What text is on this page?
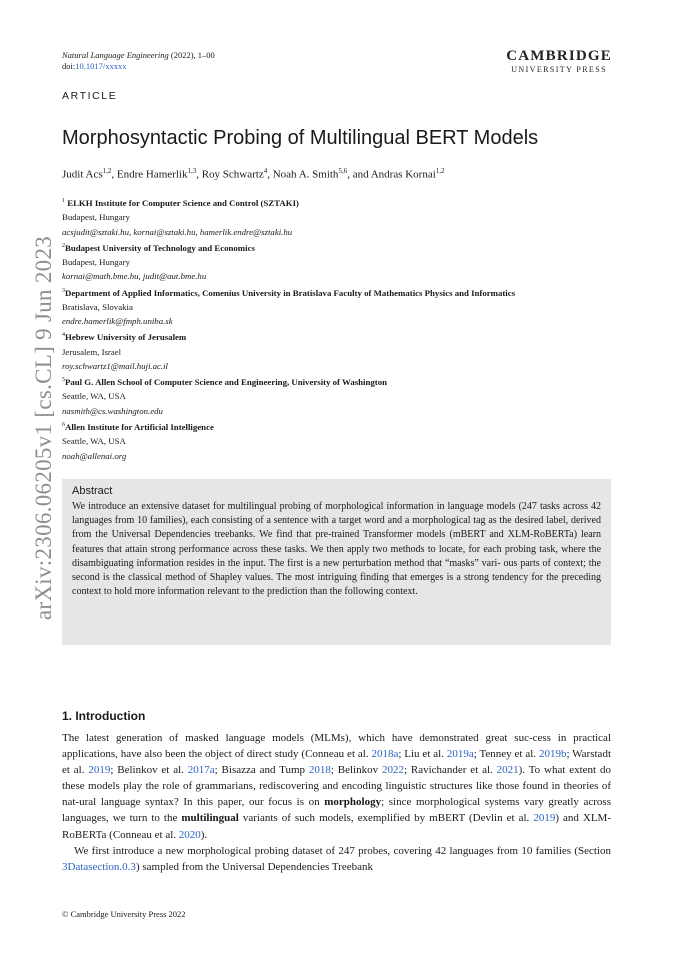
arXiv:2306.06205v1 [cs.CL] 9 Jun 2023
Natural Language Engineering (2022), 1–00
doi:10.1017/xxxxx
CAMBRIDGE
UNIVERSITY PRESS
ARTICLE
Morphosyntactic Probing of Multilingual BERT Models
Judit Acs$^{1,2}$, Endre Hamerlik$^{1,3}$, Roy Schwartz$^4$, Noah A. Smith$^{5,6}$, and Andras Kornai$^{1,2}$
$^1$ ELKH Institute for Computer Science and Control (SZTAKI)
Budapest, Hungary
acsjudit@sztaki.hu, kornai@sztaki.hu, hamerlik.endre@sztaki.hu
$^2$Budapest University of Technology and Economics
Budapest, Hungary
kornai@math.bme.hu, judit@aut.bme.hu
$^3$Department of Applied Informatics, Comenius University in Bratislava Faculty of Mathematics Physics and Informatics
Bratislava, Slovakia
endre.hamerlik@fmph.uniba.sk
$^4$Hebrew University of Jerusalem
Jerusalem, Israel
roy.schwartz1@mail.huji.ac.il
$^5$Paul G. Allen School of Computer Science and Engineering, University of Washington
Seattle, WA, USA
nasmith@cs.washington.edu
$^6$Allen Institute for Artificial Intelligence
Seattle, WA, USA
noah@allenai.org
Abstract
We introduce an extensive dataset for multilingual probing of morphological information in language models (247 tasks across 42 languages from 10 families), each consisting of a sentence with a target word and a morphological tag as the desired label, derived from the Universal Dependencies treebanks. We find that pre-trained Transformer models (mBERT and XLM-RoBERTa) learn features that attain strong performance across these tasks. We then apply two methods to locate, for each probing task, where the disambiguating information resides in the input. The first is a new perturbation method that “masks” vari- ous parts of context; the second is the classical method of Shapley values. The most intriguing finding that emerges is a strong tendency for the preceding context to hold more information relevant to the prediction than the following context.
1. Introduction

The latest generation of masked language models (MLMs), which have demonstrated great suc-cess in practical applications, have also been the object of direct study (Conneau et al. 2018a; Liu et al. 2019a; Tenney et al. 2019b; Warstadt et al. 2019; Belinkov et al. 2017a; Bisazza and Tump 2018; Belinkov 2022; Ravichander et al. 2021). To what extent do these models play the role of grammarians, rediscovering and encoding linguistic structures like those found in theories of nat-ural language syntax? In this paper, our focus is on morphology; since morphological systems vary greatly across languages, we turn to the multilingual variants of such models, exemplified by mBERT (Devlin et al. 2019) and XLM-RoBERTa (Conneau et al. 2020).

We first introduce a new morphological probing dataset of 247 probes, covering 42 languages from 10 families (Section 3Datasection.0.3) sampled from the Universal Dependencies Treebank

© Cambridge University Press 2022
